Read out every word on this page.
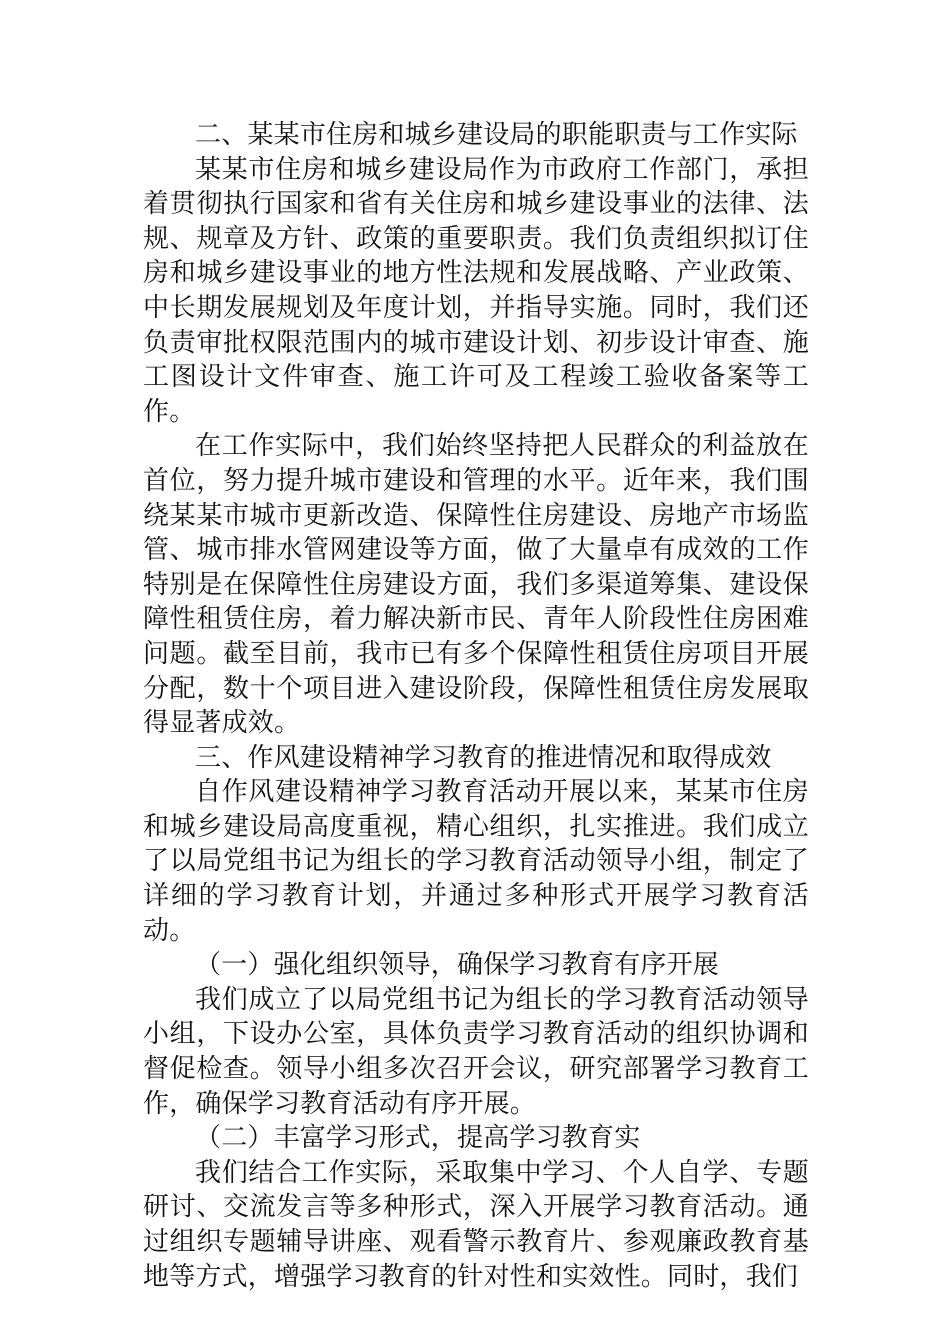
二、某某市住房和城乡建设局的职能职责与工作实际

某某市住房和城乡建设局作为市政府工作部门，承担着贯彻执行国家和省有关住房和城乡建设事业的法律、法规、规章及方针、政策的重要职责。我们负责组织拟订住房和城乡建设事业的地方性法规和发展战略、产业政策、中长期发展规划及年度计划，并指导实施。同时，我们还负责审批权限范围内的城市建设计划、初步设计审查、施工图设计文件审查、施工许可及工程竣工验收备案等工作。

在工作实际中，我们始终坚持把人民群众的利益放在首位，努力提升城市建设和管理的水平。近年来，我们围绕某某市城市更新改造、保障性住房建设、房地产市场监管、城市排水管网建设等方面，做了大量卓有成效的工作特别是在保障性住房建设方面，我们多渠道筹集、建设保障性租赁住房，着力解决新市民、青年人阶段性住房困难问题。截至目前，我市已有多个保障性租赁住房项目开展分配，数十个项目进入建设阶段，保障性租赁住房发展取得显著成效。

三、作风建设精神学习教育的推进情况和取得成效

自作风建设精神学习教育活动开展以来，某某市住房和城乡建设局高度重视，精心组织，扎实推进。我们成立了以局党组书记为组长的学习教育活动领导小组，制定了详细的学习教育计划，并通过多种形式开展学习教育活动。

（一）强化组织领导，确保学习教育有序开展

我们成立了以局党组书记为组长的学习教育活动领导小组，下设办公室，具体负责学习教育活动的组织协调和督促检查。领导小组多次召开会议，研究部署学习教育工作，确保学习教育活动有序开展。

（二）丰富学习形式，提高学习教育实

我们结合工作实际，采取集中学习、个人自学、专题研讨、交流发言等多种形式，深入开展学习教育活动。通过组织专题辅导讲座、观看警示教育片、参观廉政教育基地等方式，增强学习教育的针对性和实效性。同时，我们
